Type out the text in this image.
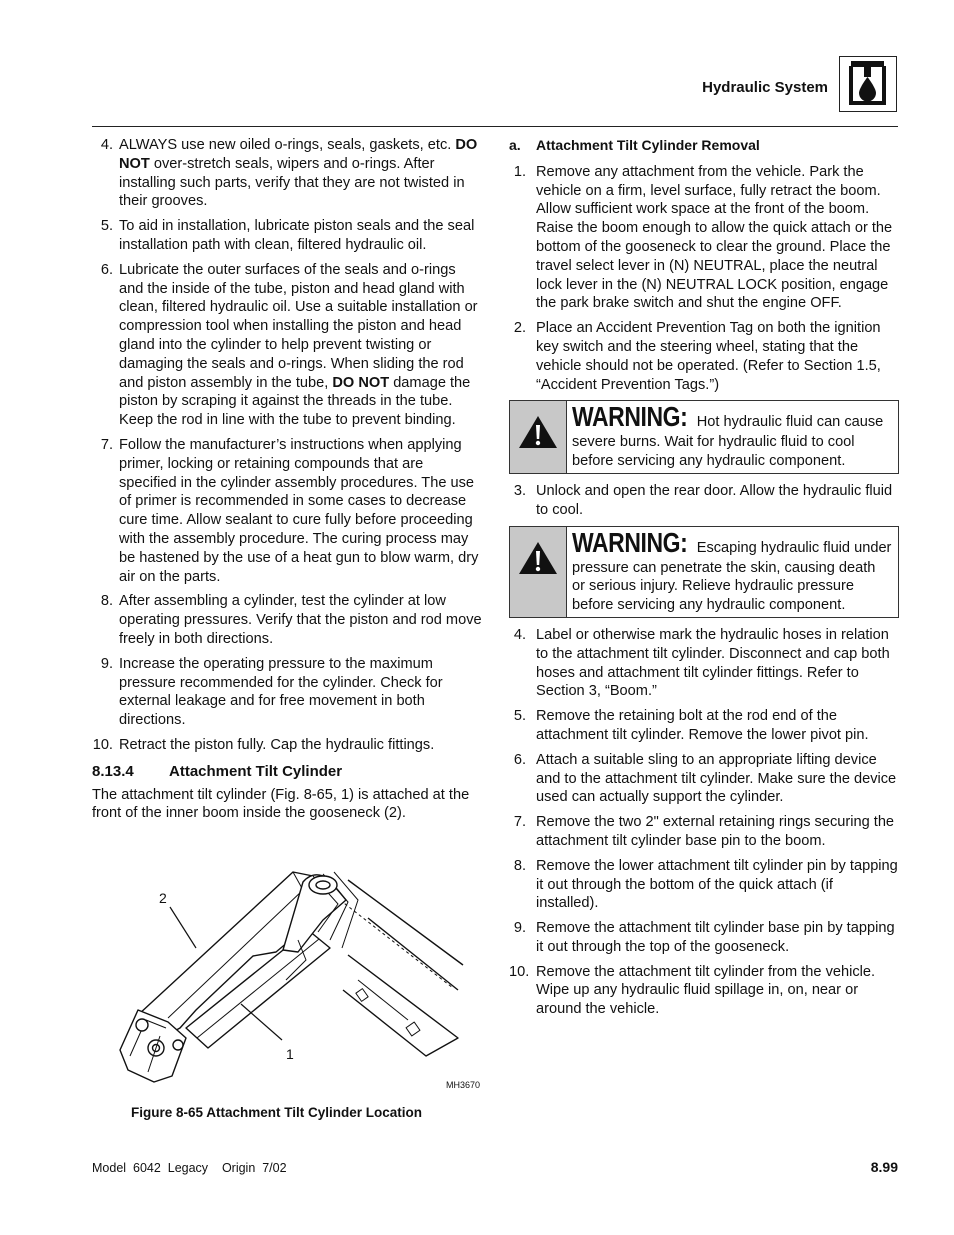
Hydraulic System
4. ALWAYS use new oiled o-rings, seals, gaskets, etc. DO NOT over-stretch seals, wipers and o-rings. After installing such parts, verify that they are not twisted in their grooves.
5. To aid in installation, lubricate piston seals and the seal installation path with clean, filtered hydraulic oil.
6. Lubricate the outer surfaces of the seals and o-rings and the inside of the tube, piston and head gland with clean, filtered hydraulic oil. Use a suitable installation or compression tool when installing the piston and head gland into the cylinder to help prevent twisting or damaging the seals and o-rings. When sliding the rod and piston assembly in the tube, DO NOT damage the piston by scraping it against the threads in the tube. Keep the rod in line with the tube to prevent binding.
7. Follow the manufacturer’s instructions when applying primer, locking or retaining compounds that are specified in the cylinder assembly procedures. The use of primer is recommended in some cases to decrease cure time. Allow sealant to cure fully before proceeding with the assembly procedure. The curing process may be hastened by the use of a heat gun to blow warm, dry air on the parts.
8. After assembling a cylinder, test the cylinder at low operating pressures. Verify that the piston and rod move freely in both directions.
9. Increase the operating pressure to the maximum pressure recommended for the cylinder. Check for external leakage and for free movement in both directions.
10. Retract the piston fully. Cap the hydraulic fittings.
8.13.4 Attachment Tilt Cylinder

The attachment tilt cylinder (Fig. 8-65, 1) is attached at the front of the inner boom inside the gooseneck (2).

2
1
MH3670
Figure 8-65 Attachment Tilt Cylinder Location
a. Attachment Tilt Cylinder Removal
1. Remove any attachment from the vehicle. Park the vehicle on a firm, level surface, fully retract the boom. Allow sufficient work space at the front of the boom. Raise the boom enough to allow the quick attach or the bottom of the gooseneck to clear the ground. Place the travel select lever in (N) NEUTRAL, place the neutral lock lever in the (N) NEUTRAL LOCK position, engage the park brake switch and shut the engine OFF.
2. Place an Accident Prevention Tag on both the ignition key switch and the steering wheel, stating that the vehicle should not be operated. (Refer to Section 1.5, “Accident Prevention Tags.”)
WARNING: Hot hydraulic fluid can cause severe burns. Wait for hydraulic fluid to cool before servicing any hydraulic component.
3. Unlock and open the rear door. Allow the hydraulic fluid to cool.
WARNING: Escaping hydraulic fluid under pressure can penetrate the skin, causing death or serious injury. Relieve hydraulic pressure before servicing any hydraulic component.
4. Label or otherwise mark the hydraulic hoses in relation to the attachment tilt cylinder. Disconnect and cap both hoses and attachment tilt cylinder fittings. Refer to Section 3, “Boom.”
5. Remove the retaining bolt at the rod end of the attachment tilt cylinder. Remove the lower pivot pin.
6. Attach a suitable sling to an appropriate lifting device and to the attachment tilt cylinder. Make sure the device used can actually support the cylinder.
7. Remove the two 2" external retaining rings securing the attachment tilt cylinder base pin to the boom.
8. Remove the lower attachment tilt cylinder pin by tapping it out through the bottom of the quick attach (if installed).
9. Remove the attachment tilt cylinder base pin by tapping it out through the top of the gooseneck.
10. Remove the attachment tilt cylinder from the vehicle. Wipe up any hydraulic fluid spillage in, on, near or around the vehicle.
Model  6042  Legacy    Origin  7/02	8.99
